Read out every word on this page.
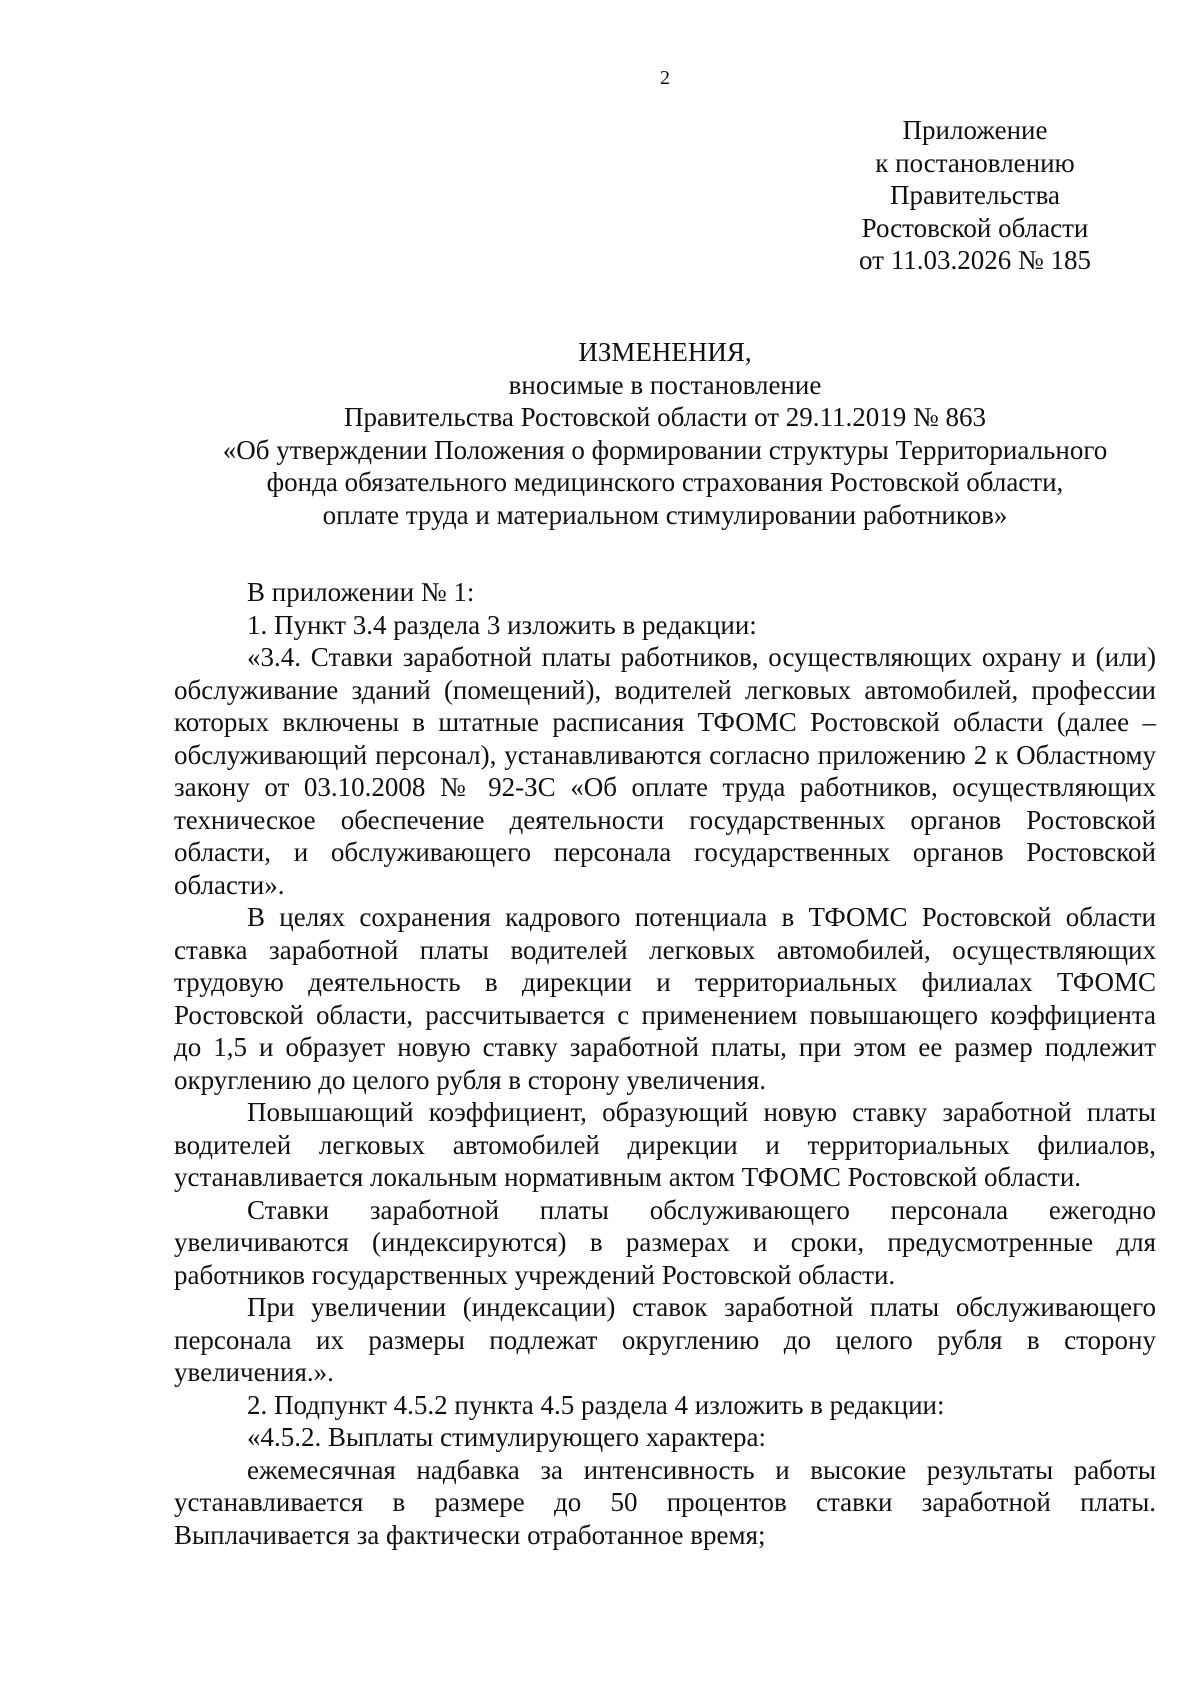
2
Приложение
к постановлению
Правительства
Ростовской области
от 11.03.2026 № 185
ИЗМЕНЕНИЯ,
вносимые в постановление
Правительства Ростовской области от 29.11.2019 № 863
«Об утверждении Положения о формировании структуры Территориального
фонда обязательного медицинского страхования Ростовской области,
оплате труда и материальном стимулировании работников»

В приложении № 1:

1. Пункт 3.4 раздела 3 изложить в редакции:

«3.4. Ставки заработной платы работников, осуществляющих охрану и (или) обслуживание зданий (помещений), водителей легковых автомобилей, профессии которых включены в штатные расписания ТФОМС Ростовской области (далее – обслуживающий персонал), устанавливаются согласно приложению 2 к Областному закону от 03.10.2008 № 92-ЗС «Об оплате труда работников, осуществляющих техническое обеспечение деятельности государственных органов Ростовской области, и обслуживающего персонала государственных органов Ростовской области».

В целях сохранения кадрового потенциала в ТФОМС Ростовской области ставка заработной платы водителей легковых автомобилей, осуществляющих трудовую деятельность в дирекции и территориальных филиалах ТФОМС Ростовской области, рассчитывается с применением повышающего коэффициента до 1,5 и образует новую ставку заработной платы, при этом ее размер подлежит округлению до целого рубля в сторону увеличения.

Повышающий коэффициент, образующий новую ставку заработной платы водителей легковых автомобилей дирекции и территориальных филиалов, устанавливается локальным нормативным актом ТФОМС Ростовской области.

Ставки заработной платы обслуживающего персонала ежегодно увеличиваются (индексируются) в размерах и сроки, предусмотренные для работников государственных учреждений Ростовской области.

При увеличении (индексации) ставок заработной платы обслуживающего персонала их размеры подлежат округлению до целого рубля в сторону увеличения.».

2. Подпункт 4.5.2 пункта 4.5 раздела 4 изложить в редакции:

«4.5.2. Выплаты стимулирующего характера:

ежемесячная надбавка за интенсивность и высокие результаты работы устанавливается в размере до 50 процентов ставки заработной платы. Выплачивается за фактически отработанное время;
